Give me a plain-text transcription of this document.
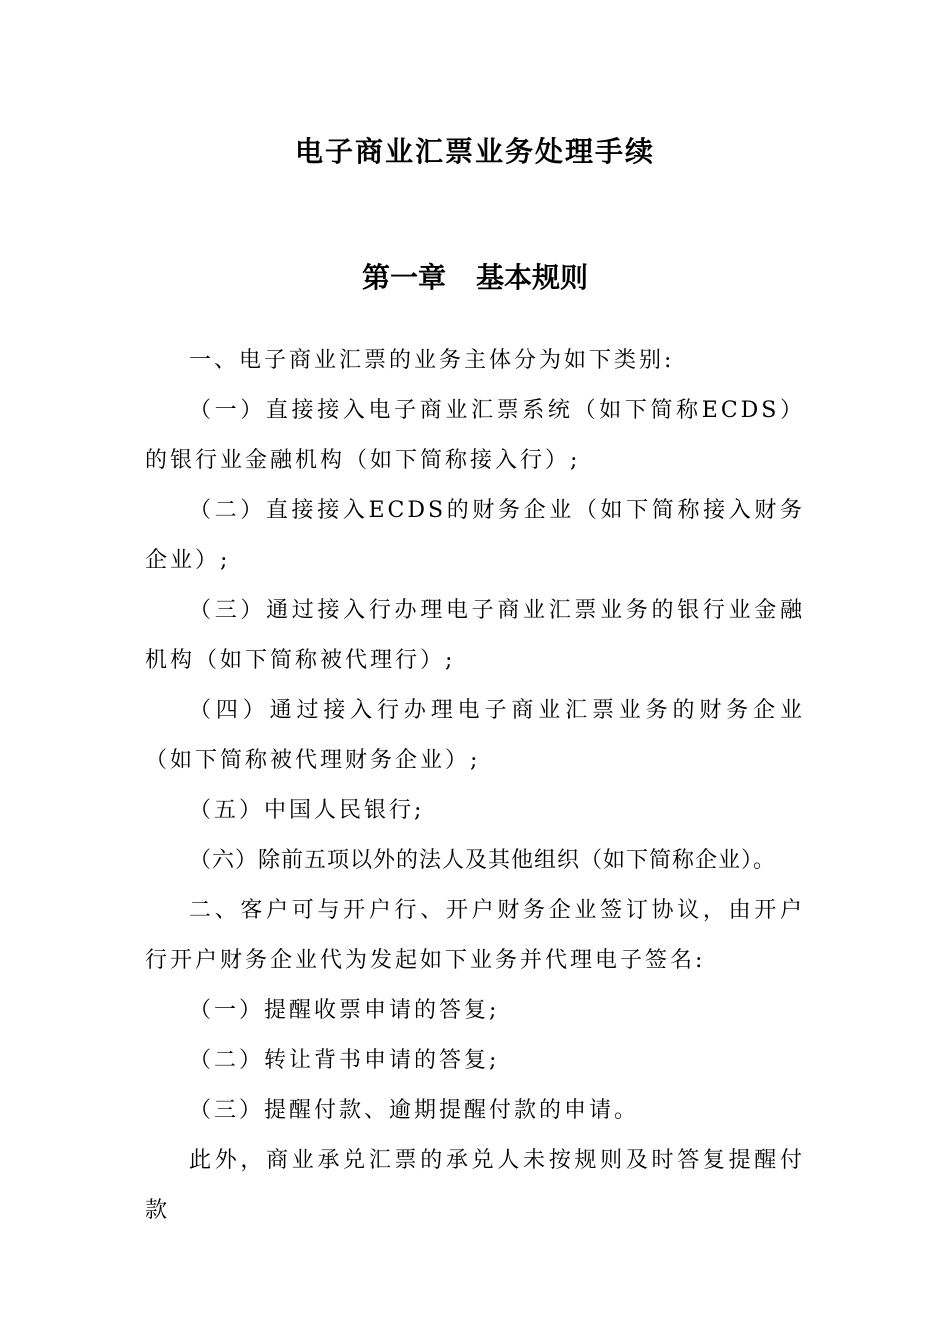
电子商业汇票业务处理手续
第一章 基本规则

一、电子商业汇票的业务主体分为如下类别:

（一）直接接入电子商业汇票系统（如下简称ECDS）的银行业金融机构（如下简称接入行）;

（二）直接接入ECDS的财务企业（如下简称接入财务企业）;

（三）通过接入行办理电子商业汇票业务的银行业金融机构（如下简称被代理行）;

（四）通过接入行办理电子商业汇票业务的财务企业（如下简称被代理财务企业）;

（五）中国人民银行;

（六）除前五项以外的法人及其他组织（如下简称企业）。

二、客户可与开户行、开户财务企业签订协议，由开户行开户财务企业代为发起如下业务并代理电子签名:

（一）提醒收票申请的答复;

（二）转让背书申请的答复;

（三）提醒付款、逾期提醒付款的申请。

此外，商业承兑汇票的承兑人未按规则及时答复提醒付款
